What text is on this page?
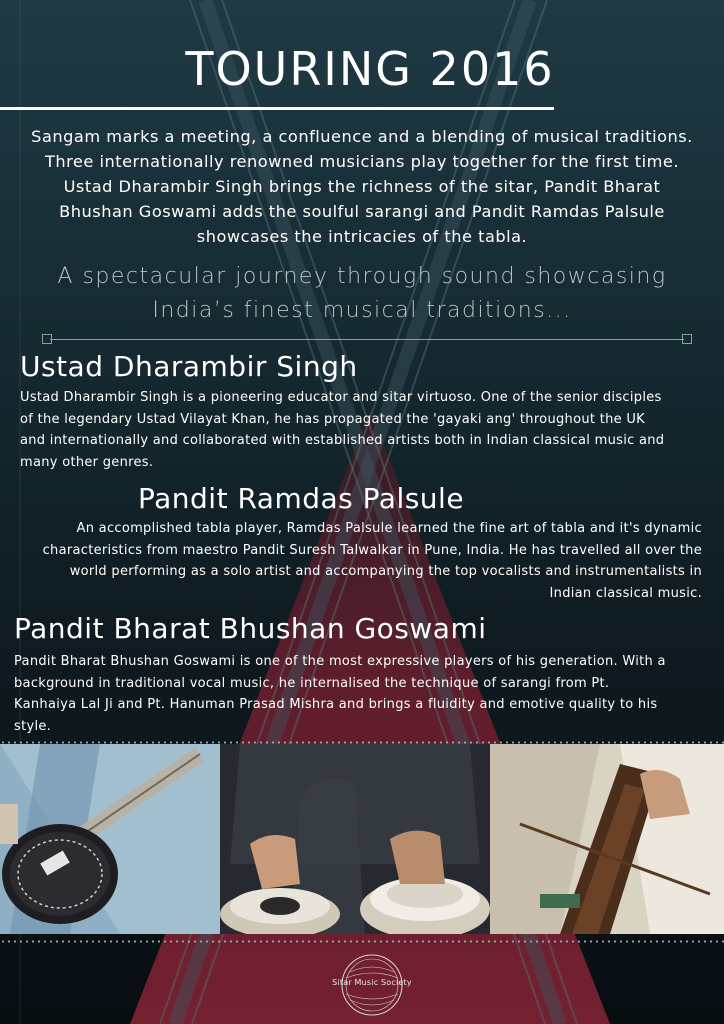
TOURING 2016

Sangam marks a meeting, a confluence and a blending of musical traditions. Three internationally renowned musicians play together for the first time. Ustad Dharambir Singh brings the richness of the sitar, Pandit Bharat Bhushan Goswami adds the soulful sarangi and Pandit Ramdas Palsule showcases the intricacies of the tabla.

A spectacular journey through sound showcasing
India’s finest musical traditions...
Ustad Dharambir Singh

Ustad Dharambir Singh is a pioneering educator and sitar virtuoso. One of the senior disciples of the legendary Ustad Vilayat Khan, he has propagated the 'gayaki ang' throughout the UK and internationally and collaborated with established artists both in Indian classical music and many other genres.

Pandit Ramdas Palsule

An accomplished tabla player, Ramdas Palsule learned the fine art of tabla and it's dynamic characteristics from maestro Pandit Suresh Talwalkar in Pune, India. He has travelled all over the world performing as a solo artist and accompanying the top vocalists and instrumentalists in Indian classical music.

Pandit Bharat Bhushan Goswami

Pandit Bharat Bhushan Goswami is one of the most expressive players of his generation. With a background in traditional vocal music, he internalised the technique of sarangi from Pt. Kanhaiya Lal Ji and Pt. Hanuman Prasad Mishra and brings a fluidity and emotive quality to his style.

Sitar Music Society
